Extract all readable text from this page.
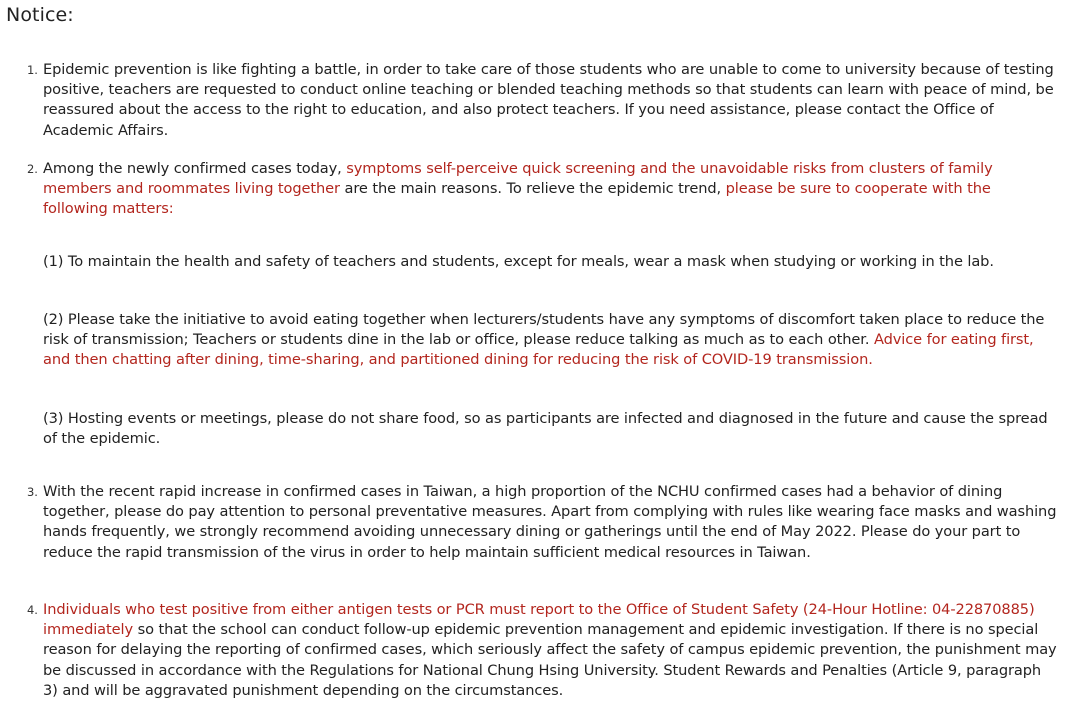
Notice:
1. Epidemic prevention is like fighting a battle, in order to take care of those students who are unable to come to university because of testing positive, teachers are requested to conduct online teaching or blended teaching methods so that students can learn with peace of mind, be reassured about the access to the right to education, and also protect teachers. If you need assistance, please contact the Office of Academic Affairs.
2. Among the newly confirmed cases today, symptoms self-perceive quick screening and the unavoidable risks from clusters of family members and roommates living together are the main reasons. To relieve the epidemic trend, please be sure to cooperate with the following matters:
(1) To maintain the health and safety of teachers and students, except for meals, wear a mask when studying or working in the lab.
(2) Please take the initiative to avoid eating together when lecturers/students have any symptoms of discomfort taken place to reduce the risk of transmission; Teachers or students dine in the lab or office, please reduce talking as much as to each other. Advice for eating first, and then chatting after dining, time-sharing, and partitioned dining for reducing the risk of COVID-19 transmission.
(3) Hosting events or meetings, please do not share food, so as participants are infected and diagnosed in the future and cause the spread of the epidemic.
3. With the recent rapid increase in confirmed cases in Taiwan, a high proportion of the NCHU confirmed cases had a behavior of dining together, please do pay attention to personal preventative measures. Apart from complying with rules like wearing face masks and washing hands frequently, we strongly recommend avoiding unnecessary dining or gatherings until the end of May 2022. Please do your part to reduce the rapid transmission of the virus in order to help maintain sufficient medical resources in Taiwan.
4. Individuals who test positive from either antigen tests or PCR must report to the Office of Student Safety (24-Hour Hotline: 04-22870885) immediately so that the school can conduct follow-up epidemic prevention management and epidemic investigation. If there is no special reason for delaying the reporting of confirmed cases, which seriously affect the safety of campus epidemic prevention, the punishment may be discussed in accordance with the Regulations for National Chung Hsing University. Student Rewards and Penalties (Article 9, paragraph 3) and will be aggravated punishment depending on the circumstances.
